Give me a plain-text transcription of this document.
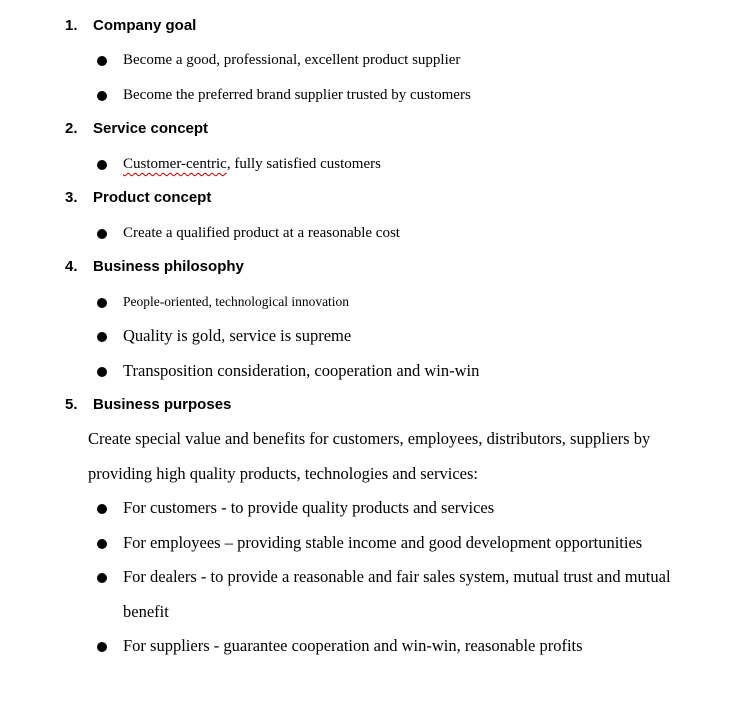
1.	Company goal
Become a good, professional, excellent product supplier
Become the preferred brand supplier trusted by customers
2.	Service concept
Customer-centric, fully satisfied customers
3.	Product concept
Create a qualified product at a reasonable cost
4.	Business philosophy
People-oriented, technological innovation
Quality is gold, service is supreme
Transposition consideration, cooperation and win-win
5.	Business purposes
Create special value and benefits for customers, employees, distributors, suppliers by
providing high quality products, technologies and services:
For customers - to provide quality products and services
For employees – providing stable income and good development opportunities
For dealers - to provide a reasonable and fair sales system, mutual trust and mutual
benefit
For suppliers - guarantee cooperation and win-win, reasonable profits
